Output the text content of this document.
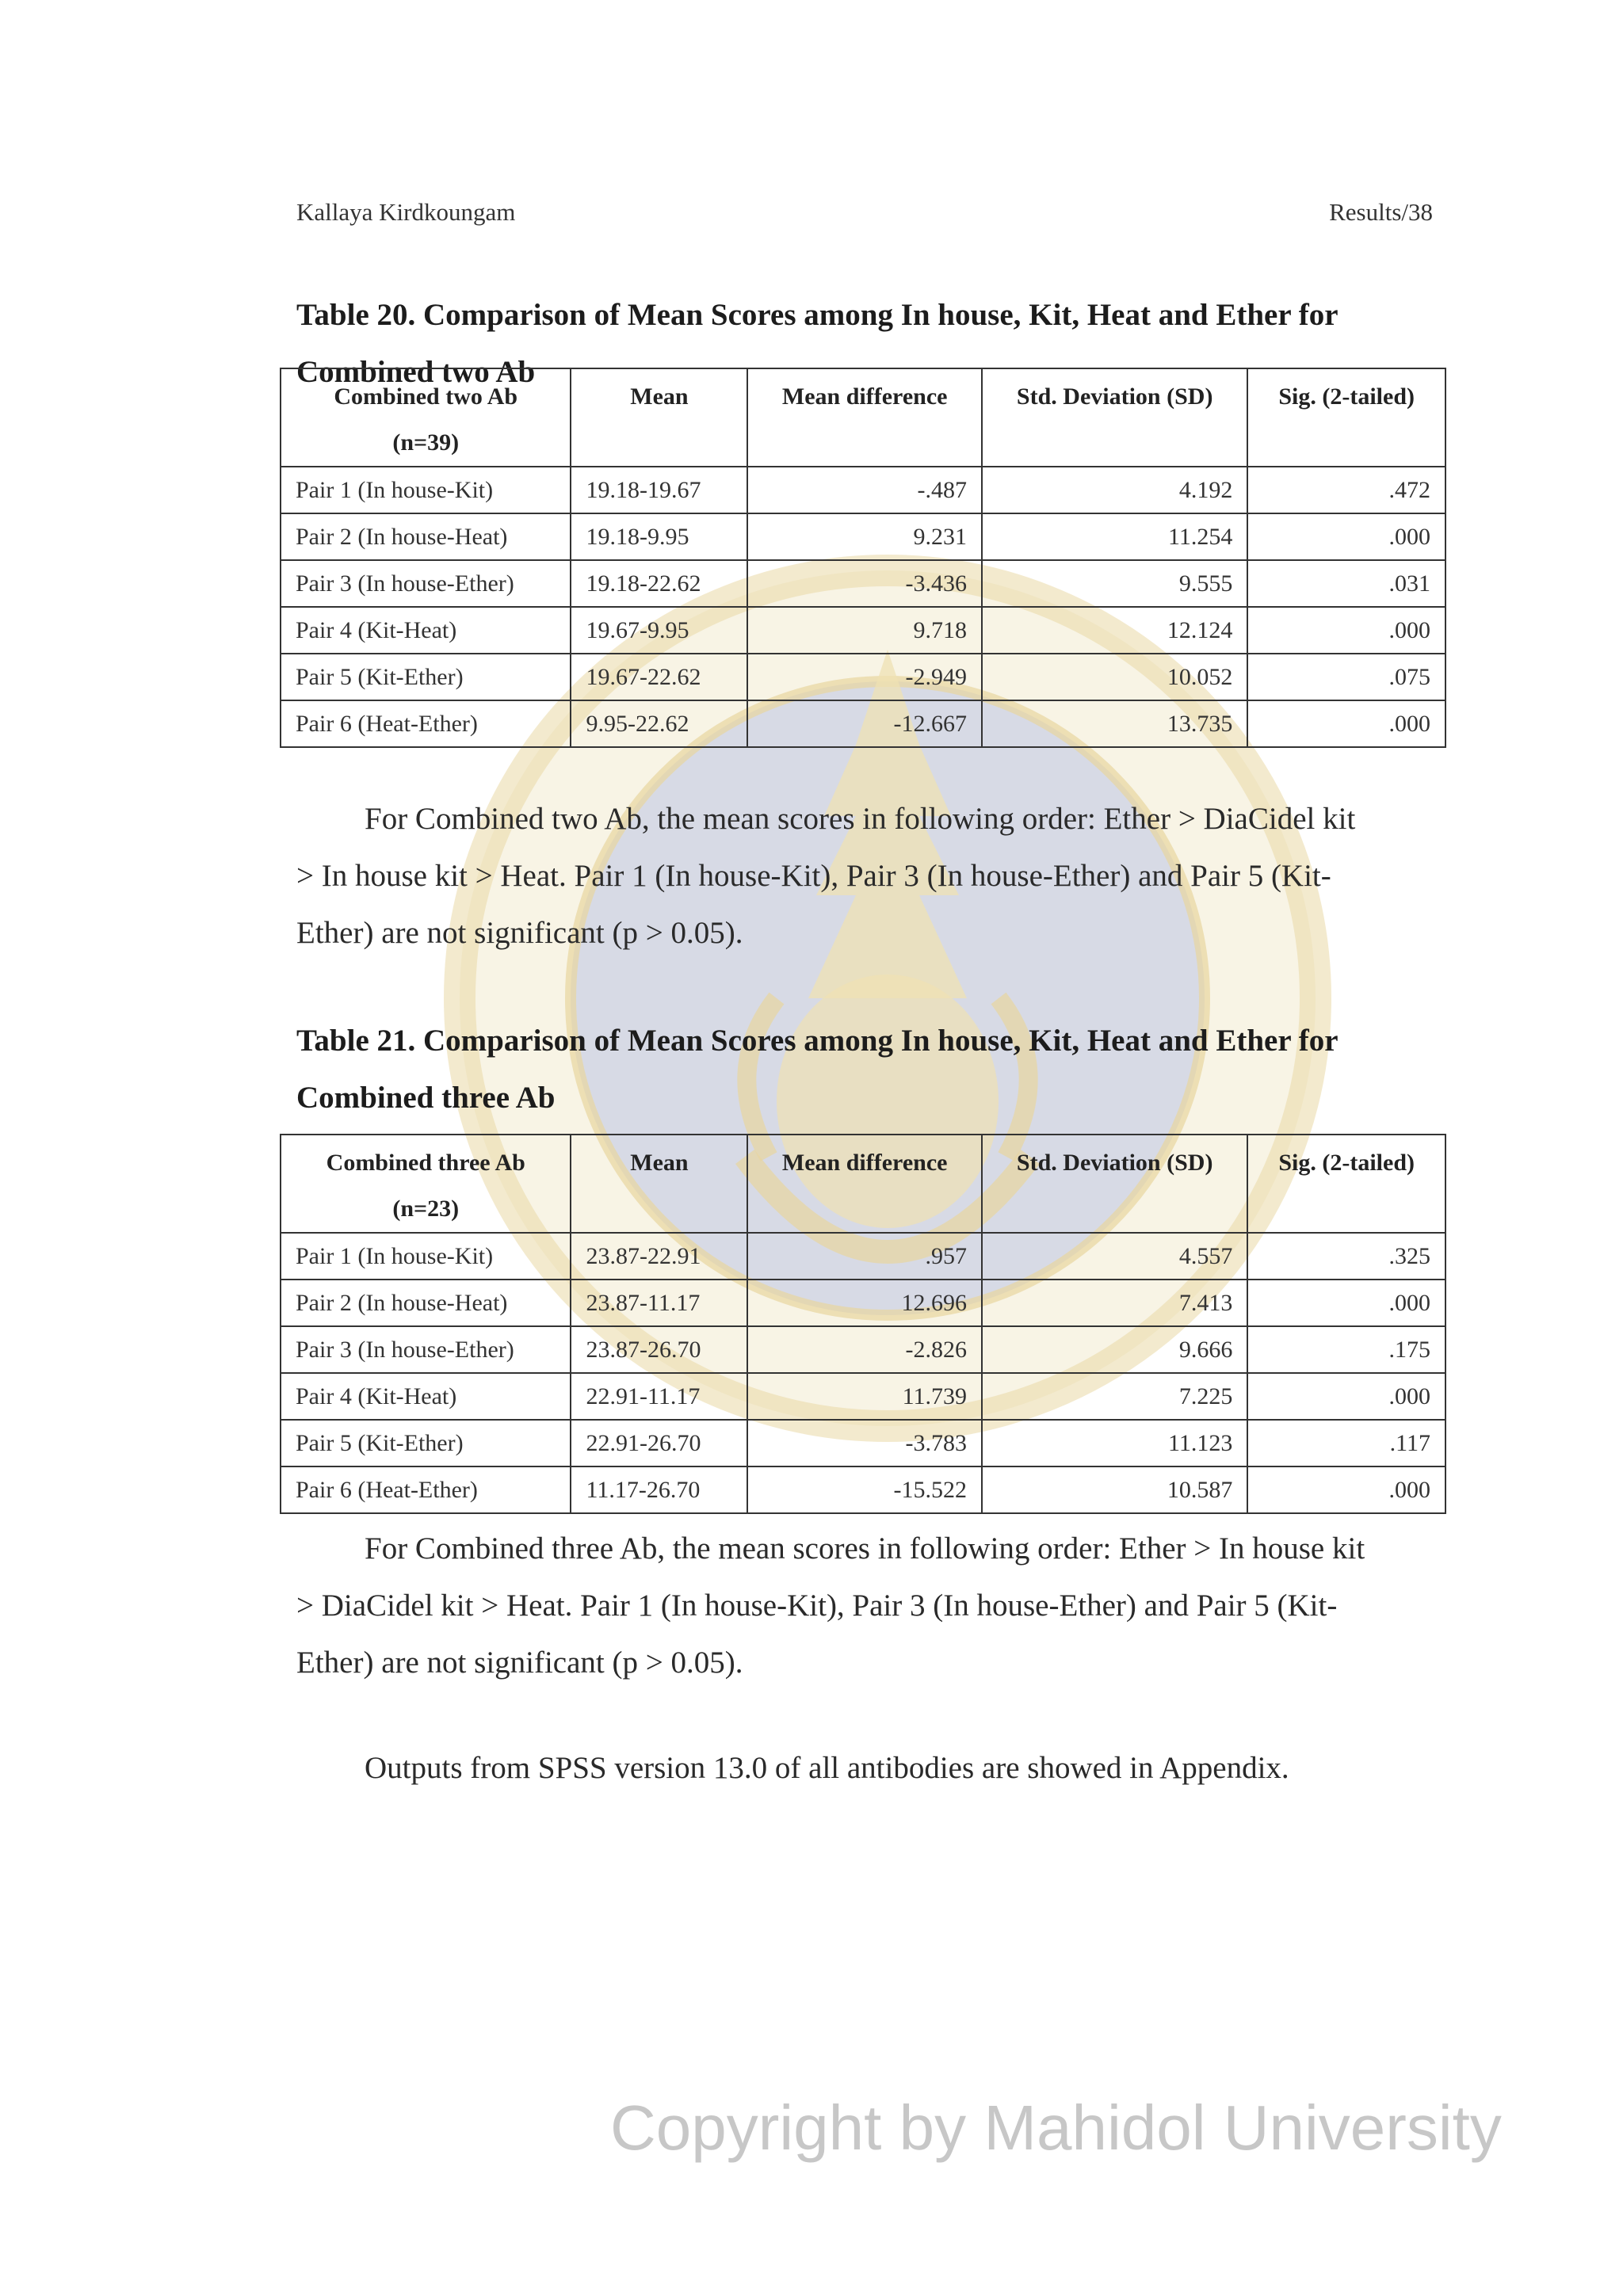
Kallaya Kirdkoungam	Results/38
Table 20. Comparison of Mean Scores among In house, Kit, Heat and Ether for
Combined two Ab
Combined two Ab
(n=39)	Mean	Mean difference	Std. Deviation (SD)	Sig. (2-tailed)
Pair 1 (In house-Kit)	19.18-19.67	-.487	4.192	.472
Pair 2 (In house-Heat)	19.18-9.95	9.231	11.254	.000
Pair 3 (In house-Ether)	19.18-22.62	-3.436	9.555	.031
Pair 4 (Kit-Heat)	19.67-9.95	9.718	12.124	.000
Pair 5 (Kit-Ether)	19.67-22.62	-2.949	10.052	.075
Pair 6 (Heat-Ether)	9.95-22.62	-12.667	13.735	.000
For Combined two Ab, the mean scores in following order: Ether > DiaCidel kit
> In house kit > Heat. Pair 1 (In house-Kit), Pair 3 (In house-Ether) and Pair 5 (Kit-
Ether) are not significant (p > 0.05).
Table 21. Comparison of Mean Scores among In house, Kit, Heat and Ether for
Combined three Ab
Combined three Ab
(n=23)	Mean	Mean difference	Std. Deviation (SD)	Sig. (2-tailed)
Pair 1 (In house-Kit)	23.87-22.91	.957	4.557	.325
Pair 2 (In house-Heat)	23.87-11.17	12.696	7.413	.000
Pair 3 (In house-Ether)	23.87-26.70	-2.826	9.666	.175
Pair 4 (Kit-Heat)	22.91-11.17	11.739	7.225	.000
Pair 5 (Kit-Ether)	22.91-26.70	-3.783	11.123	.117
Pair 6 (Heat-Ether)	11.17-26.70	-15.522	10.587	.000
For Combined three Ab, the mean scores in following order: Ether > In house kit
> DiaCidel kit > Heat. Pair 1 (In house-Kit), Pair 3 (In house-Ether) and Pair 5 (Kit-
Ether) are not significant (p > 0.05).
Outputs from SPSS version 13.0 of all antibodies are showed in Appendix.
Copyright by Mahidol University
